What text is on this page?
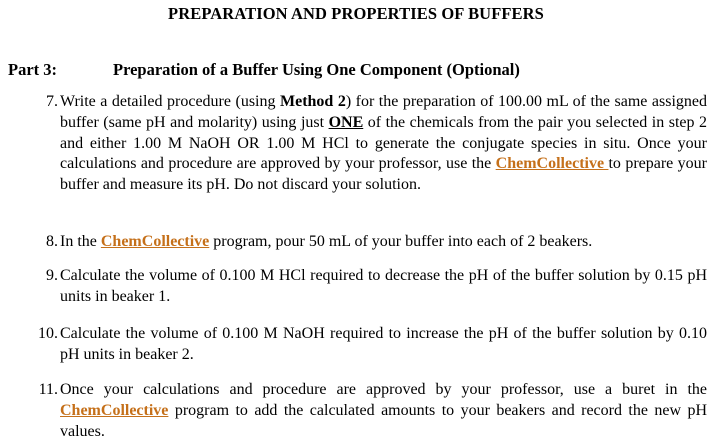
PREPARATION AND PROPERTIES OF BUFFERS
Part 3:	Preparation of a Buffer Using One Component (Optional)
7. Write a detailed procedure (using Method 2) for the preparation of 100.00 mL of the same assigned buffer (same pH and molarity) using just ONE of the chemicals from the pair you selected in step 2 and either 1.00 M NaOH OR 1.00 M HCl to generate the conjugate species in situ. Once your calculations and procedure are approved by your professor, use the ChemCollective to prepare your buffer and measure its pH. Do not discard your solution.
8. In the ChemCollective program, pour 50 mL of your buffer into each of 2 beakers.
9. Calculate the volume of 0.100 M HCl required to decrease the pH of the buffer solution by 0.15 pH units in beaker 1.
10. Calculate the volume of 0.100 M NaOH required to increase the pH of the buffer solution by 0.10 pH units in beaker 2.
11. Once your calculations and procedure are approved by your professor, use a buret in the ChemCollective program to add the calculated amounts to your beakers and record the new pH values.
